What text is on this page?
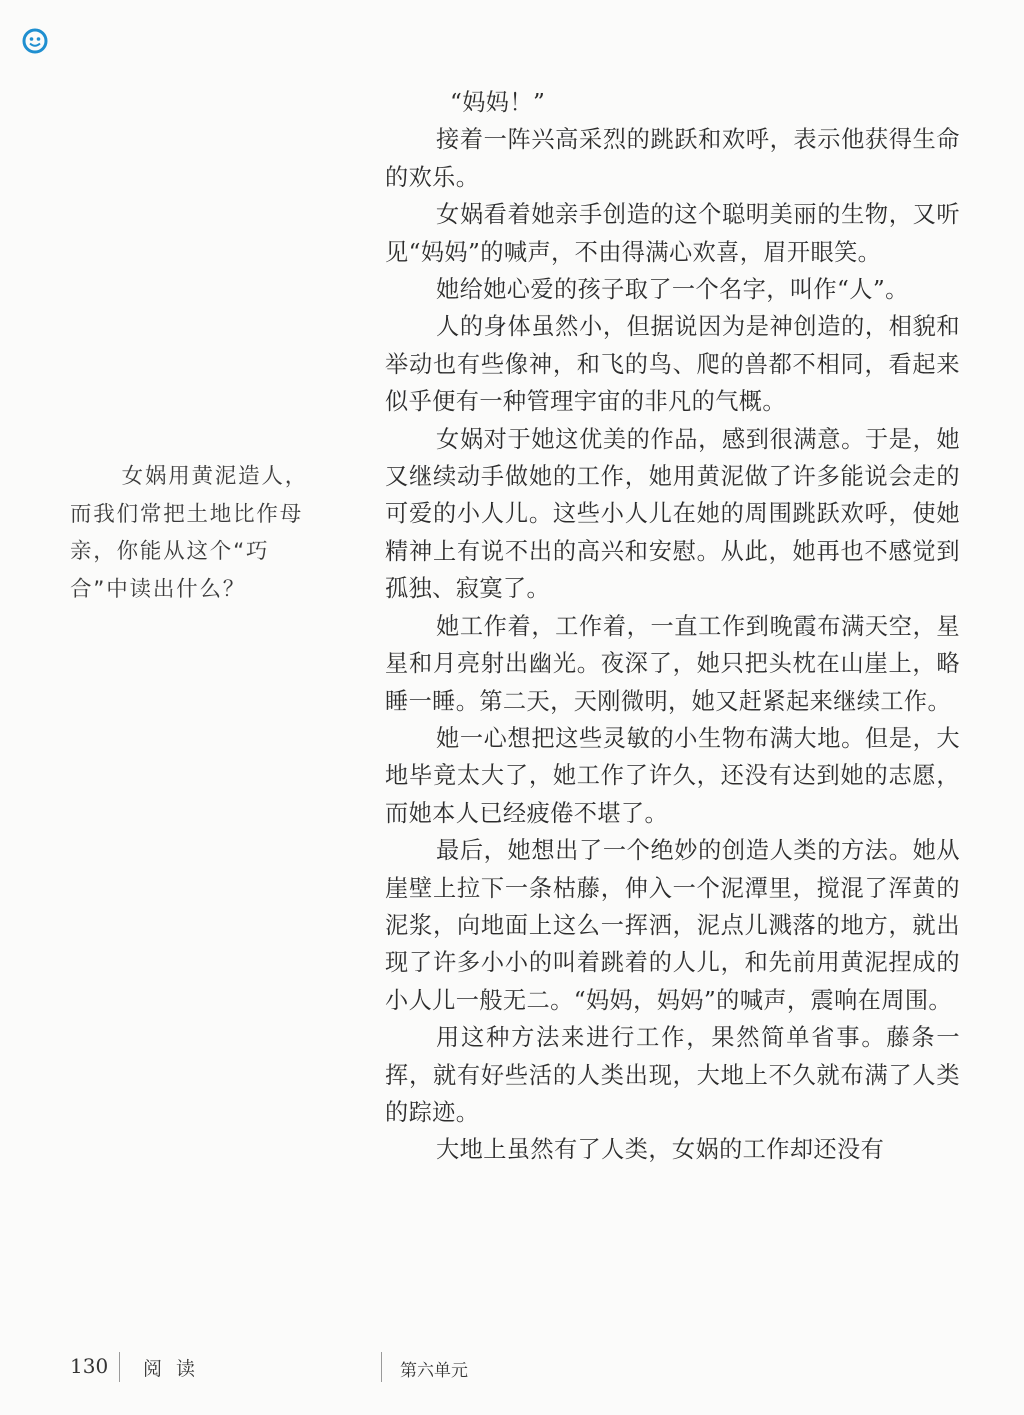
女娲用黄泥造人，而我们常把土地比作母亲，你能从这个“巧合”中读出什么？

“妈妈！”

接着一阵兴高采烈的跳跃和欢呼，表示他获得生命的欢乐。

女娲看着她亲手创造的这个聪明美丽的生物，又听见“妈妈”的喊声，不由得满心欢喜，眉开眼笑。

她给她心爱的孩子取了一个名字，叫作“人”。

人的身体虽然小，但据说因为是神创造的，相貌和举动也有些像神，和飞的鸟、爬的兽都不相同，看起来似乎便有一种管理宇宙的非凡的气概。

女娲对于她这优美的作品，感到很满意。于是，她又继续动手做她的工作，她用黄泥做了许多能说会走的可爱的小人儿。这些小人儿在她的周围跳跃欢呼，使她精神上有说不出的高兴和安慰。从此，她再也不感觉到孤独、寂寞了。

她工作着，工作着，一直工作到晚霞布满天空，星星和月亮射出幽光。夜深了，她只把头枕在山崖上，略睡一睡。第二天，天刚微明，她又赶紧起来继续工作。

她一心想把这些灵敏的小生物布满大地。但是，大地毕竟太大了，她工作了许久，还没有达到她的志愿，而她本人已经疲倦不堪了。

最后，她想出了一个绝妙的创造人类的方法。她从崖壁上拉下一条枯藤，伸入一个泥潭里，搅混了浑黄的泥浆，向地面上这么一挥洒，泥点儿溅落的地方，就出现了许多小小的叫着跳着的人儿，和先前用黄泥捏成的小人儿一般无二。“妈妈，妈妈”的喊声，震响在周围。

用这种方法来进行工作，果然简单省事。藤条一挥，就有好些活的人类出现，大地上不久就布满了人类的踪迹。

大地上虽然有了人类，女娲的工作却还没有

130 阅 读	第六单元
